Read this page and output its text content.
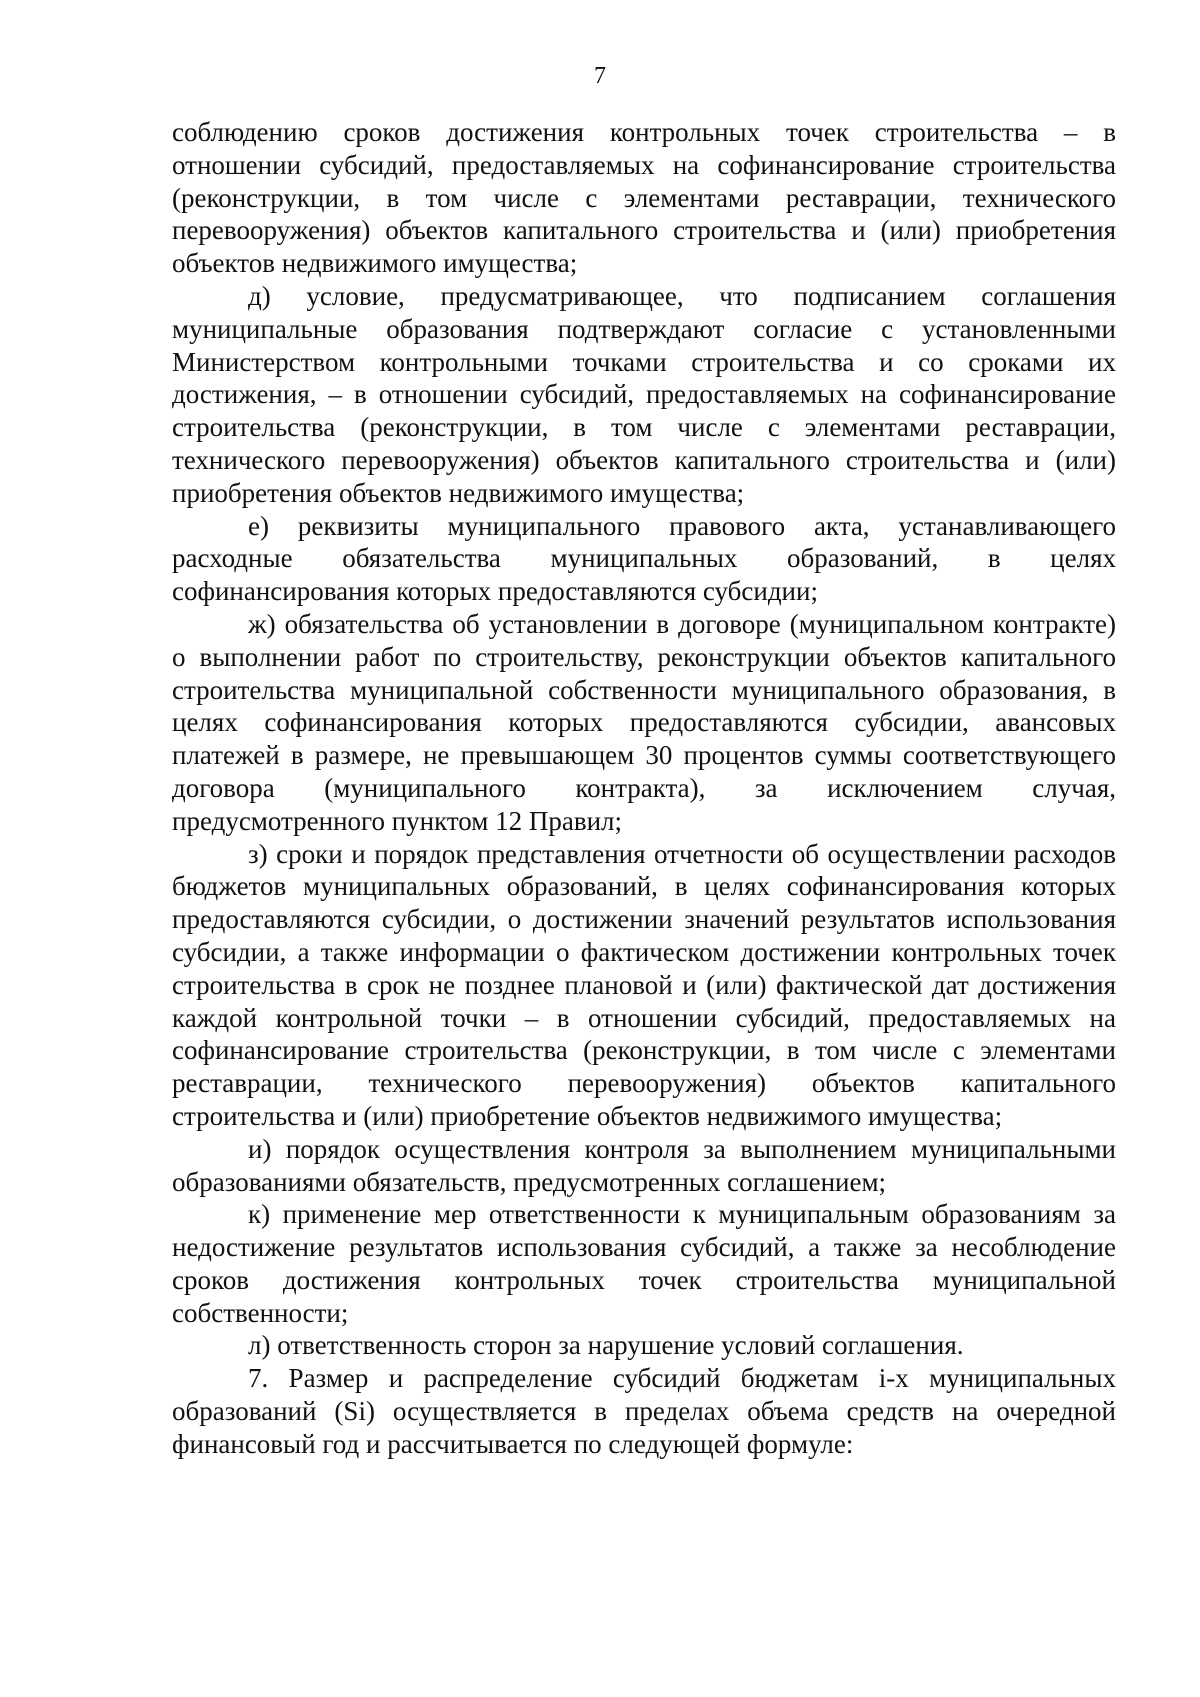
7

соблюдению сроков достижения контрольных точек строительства – в отношении субсидий, предоставляемых на софинансирование строительства (реконструкции, в том числе с элементами реставрации, технического перевооружения) объектов капитального строительства и (или) приобретения объектов недвижимого имущества;

д) условие, предусматривающее, что подписанием соглашения муниципальные образования подтверждают согласие с установленными Министерством контрольными точками строительства и со сроками их достижения, – в отношении субсидий, предоставляемых на софинансирование строительства (реконструкции, в том числе с элементами реставрации, технического перевооружения) объектов капитального строительства и (или) приобретения объектов недвижимого имущества;

е) реквизиты муниципального правового акта, устанавливающего расходные обязательства муниципальных образований, в целях софинансирования которых предоставляются субсидии;

ж) обязательства об установлении в договоре (муниципальном контракте) о выполнении работ по строительству, реконструкции объектов капитального строительства муниципальной собственности муниципального образования, в целях софинансирования которых предоставляются субсидии, авансовых платежей в размере, не превышающем 30 процентов суммы соответствующего договора (муниципального контракта), за исключением случая, предусмотренного пунктом 12 Правил;

з) сроки и порядок представления отчетности об осуществлении расходов бюджетов муниципальных образований, в целях софинансирования которых предоставляются субсидии, о достижении значений результатов использования субсидии, а также информации о фактическом достижении контрольных точек строительства в срок не позднее плановой и (или) фактической дат достижения каждой контрольной точки – в отношении субсидий, предоставляемых на софинансирование строительства (реконструкции, в том числе с элементами реставрации, технического перевооружения) объектов капитального строительства и (или) приобретение объектов недвижимого имущества;

и) порядок осуществления контроля за выполнением муниципальными образованиями обязательств, предусмотренных соглашением;

к) применение мер ответственности к муниципальным образованиям за недостижение результатов использования субсидий, а также за несоблюдение сроков достижения контрольных точек строительства муниципальной собственности;

л) ответственность сторон за нарушение условий соглашения.

7. Размер и распределение субсидий бюджетам i-х муниципальных образований (Si) осуществляется в пределах объема средств на очередной финансовый год и рассчитывается по следующей формуле:
